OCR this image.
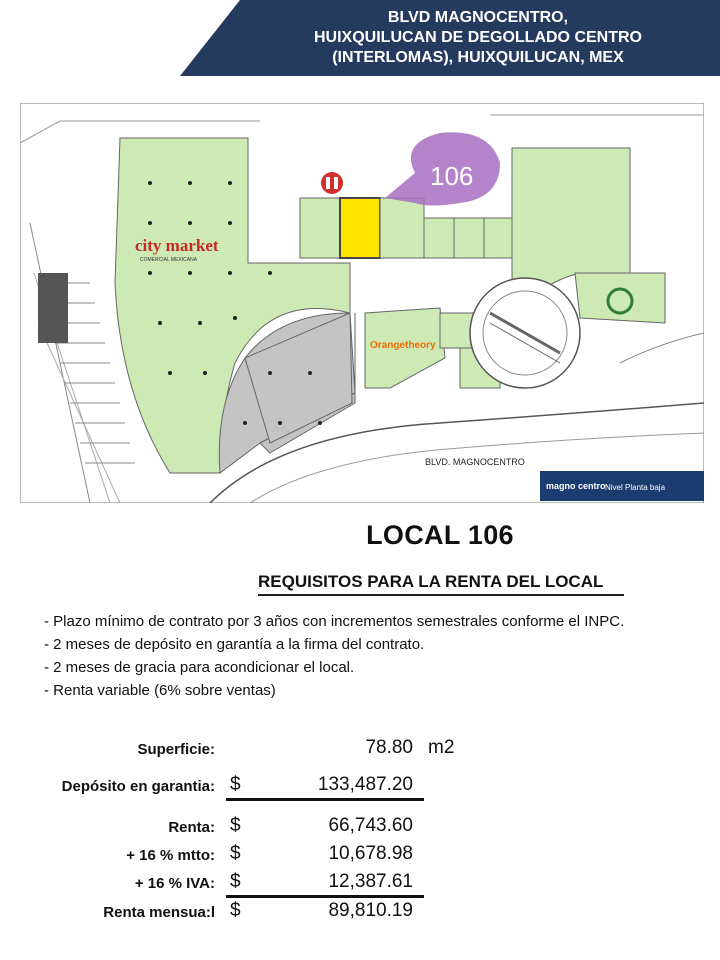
BLVD MAGNOCENTRO,
HUIXQUILUCAN DE DEGOLLADO CENTRO
(INTERLOMAS), HUIXQUILUCAN, MEX
city market
COMERCIAL MEXICANA
Orangetheory
106
BLVD. MAGNOCENTRO
magno centro Nivel Planta baja
LOCAL 106
REQUISITOS PARA LA RENTA DEL LOCAL
- Plazo mínimo de contrato por 3 años con incrementos semestrales conforme el INPC.
- 2 meses de depósito en garantía a la firma del contrato.
- 2 meses de gracia para acondicionar el local.
- Renta variable (6% sobre ventas)
Superficie:	78.80 m2
Depósito en garantia: $	133,487.20
Renta: $	66,743.60
+ 16 % mtto: $	10,678.98
+ 16 % IVA: $	12,387.61
Renta mensua:l $	89,810.19
